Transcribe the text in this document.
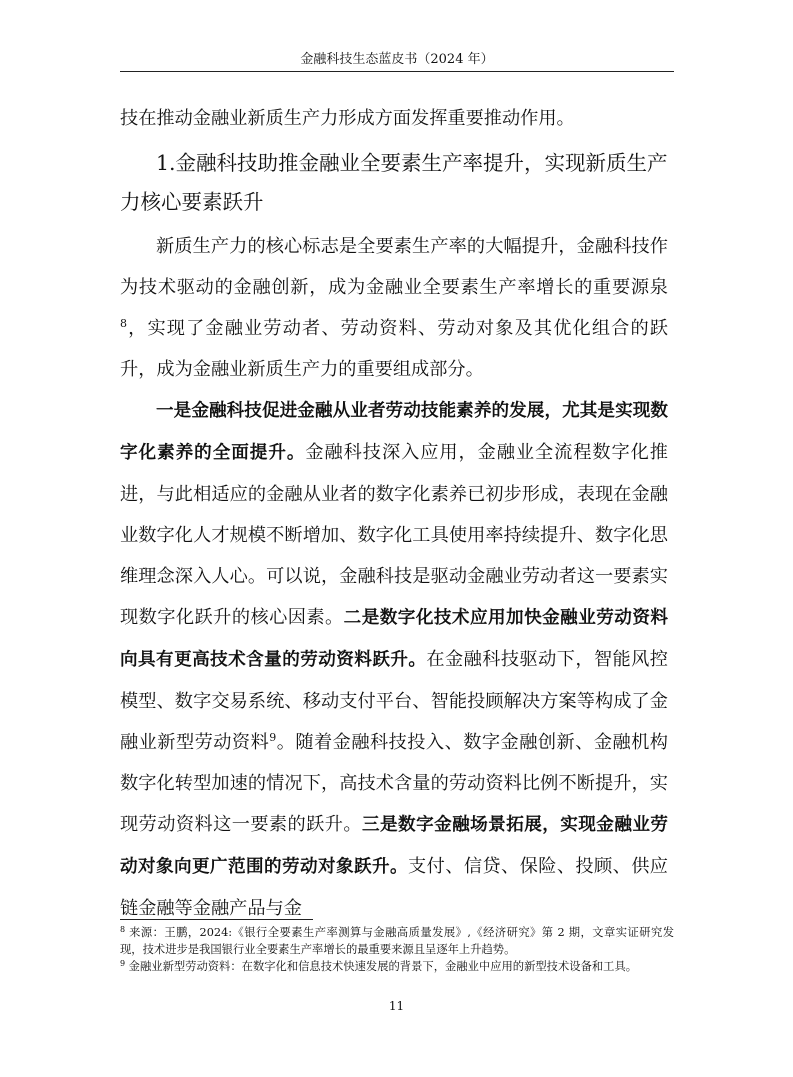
金融科技生态蓝皮书（2024 年）

技在推动金融业新质生产力形成方面发挥重要推动作用。

1.金融科技助推金融业全要素生产率提升，实现新质生产力核心要素跃升

新质生产力的核心标志是全要素生产率的大幅提升，金融科技作为技术驱动的金融创新，成为金融业全要素生产率增长的重要源泉$^8$，实现了金融业劳动者、劳动资料、劳动对象及其优化组合的跃升，成为金融业新质生产力的重要组成部分。

一是金融科技促进金融从业者劳动技能素养的发展，尤其是实现数字化素养的全面提升。金融科技深入应用，金融业全流程数字化推进，与此相适应的金融从业者的数字化素养已初步形成，表现在金融业数字化人才规模不断增加、数字化工具使用率持续提升、数字化思维理念深入人心。可以说，金融科技是驱动金融业劳动者这一要素实现数字化跃升的核心因素。二是数字化技术应用加快金融业劳动资料向具有更高技术含量的劳动资料跃升。在金融科技驱动下，智能风控模型、数字交易系统、移动支付平台、智能投顾解决方案等构成了金融业新型劳动资料$^9$。随着金融科技投入、数字金融创新、金融机构数字化转型加速的情况下，高技术含量的劳动资料比例不断提升，实现劳动资料这一要素的跃升。三是数字金融场景拓展，实现金融业劳动对象向更广范围的劳动对象跃升。支付、信贷、保险、投顾、供应链金融等金融产品与金

$^8$ 来源：王鹏，2024:《银行全要素生产率测算与金融高质量发展》,《经济研究》第 2 期，文章实证研究发现，技术进步是我国银行业全要素生产率增长的最重要来源且呈逐年上升趋势。

$^9$ 金融业新型劳动资料：在数字化和信息技术快速发展的背景下，金融业中应用的新型技术设备和工具。

11
